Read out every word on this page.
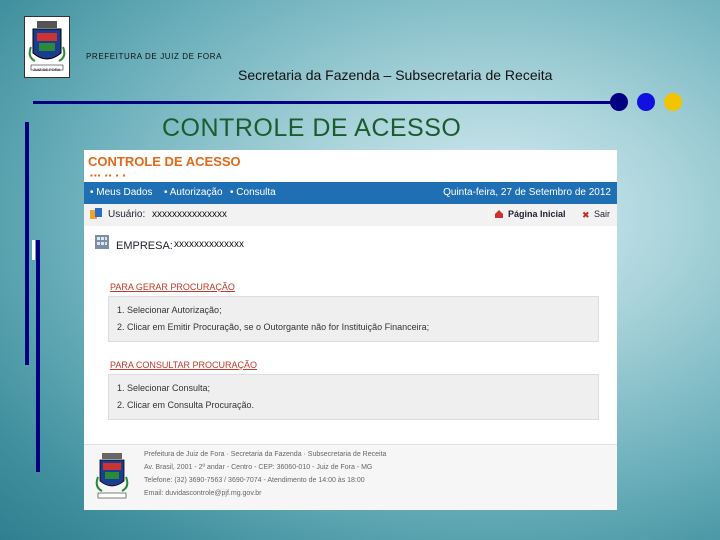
JUIZ DE FORA
PREFEITURA DE JUIZ DE FORA
Secretaria da Fazenda – Subsecretaria de Receita
CONTROLE DE ACESSO
CONTROLE DE ACESSO
▪▪▪ ▪▪ ▪ ▪
• Meus Dados • Autorização • Consulta	Quinta-feira, 27 de Setembro de 2012
Usuário: xxxxxxxxxxxxxxx	Página Inicial ✖ Sair
EMPRESA: xxxxxxxxxxxxxx
PARA GERAR PROCURAÇÃO
1. Selecionar Autorização;
2. Clicar em Emitir Procuração, se o Outorgante não for Instituição Financeira;
PARA CONSULTAR PROCURAÇÃO
1. Selecionar Consulta;
2. Clicar em Consulta Procuração.
Prefeitura de Juiz de Fora · Secretaria da Fazenda · Subsecretaria de Receita
Av. Brasil, 2001 - 2º andar - Centro - CEP: 36060-010 - Juiz de Fora - MG
Telefone: (32) 3690-7563 / 3690-7074 - Atendimento de 14:00 às 18:00
Email: duvidascontrole@pjf.mg.gov.br
